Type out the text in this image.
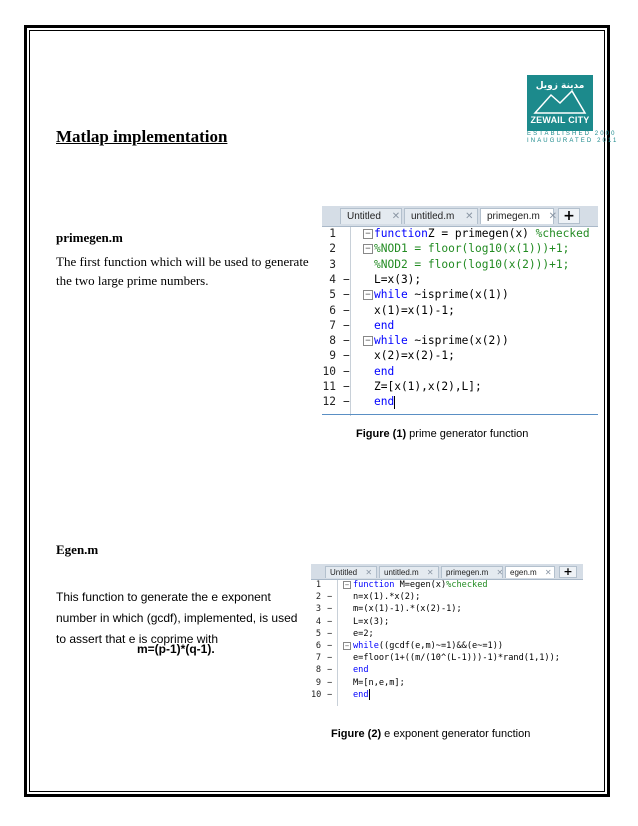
مدينة زويل
ZEWAIL CITY
ESTABLISHED 2000
INAUGURATED 2011
Matlap implementation
primegen.m
The first function which will be used to generate
the two large prime numbers.
Untitled ✕	untitled.m ✕	primegen.m ✕ +
1	− functionZ = primegen(x) %checked
2	− %NOD1 = floor(log10(x(1)))+1;
3	%NOD2 = floor(log10(x(2)))+1;
4 − L=x(3);
5 − − while ~isprime(x(1))
6 − x(1)=x(1)-1;
7 − end
8 − − while ~isprime(x(2))
9 − x(2)=x(2)-1;
10 − end
11 − Z=[x(1),x(2),L];
12 − end
Figure (1) prime generator function
Egen.m
This function to generate the e exponent
number in which (gcdf), implemented, is used
to assert that e is coprime with
m=(p-1)*(q-1).
Untitled ✕	untitled.m ✕	primegen.m ✕ egen.m ✕	+
1	− function M=egen(x)%checked
2 − n=x(1).*x(2);
3 − m=(x(1)-1).*(x(2)-1);
4 − L=x(3);
5 − e=2;
6 − − while((gcdf(e,m)~=1)&&(e~=1))
7 − e=floor(1+((m/(10^(L-1)))-1)*rand(1,1));
8 − end
9 − M=[n,e,m];
10 − end
Figure (2) e exponent generator function
